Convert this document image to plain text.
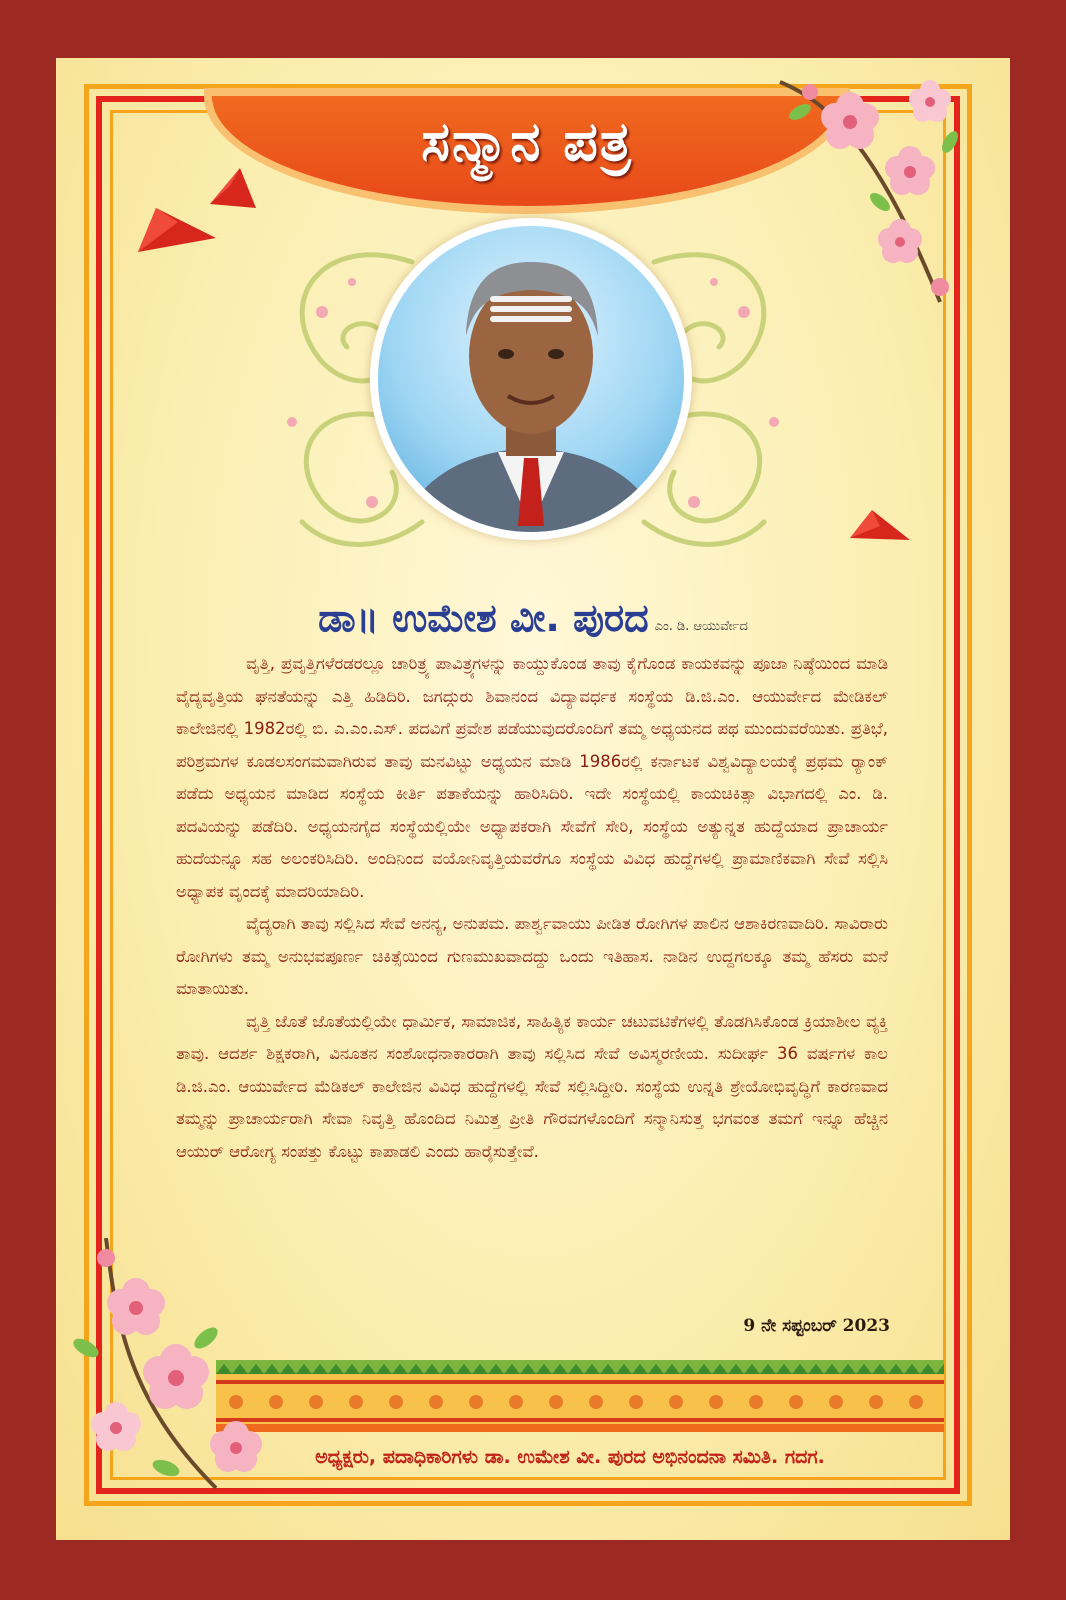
ಸನ್ಮಾನ ಪತ್ರ
ಡಾ॥ ಉಮೇಶ ವೀ. ಪುರದ ಎಂ. ಡಿ. ಆಯುರ್ವೇದ

ವೃತ್ತಿ, ಪ್ರವೃತ್ತಿಗಳೆರಡರಲ್ಲೂ ಚಾರಿತ್ರ್ಯ ಪಾವಿತ್ರ್ಯಗಳನ್ನು ಕಾಯ್ದುಕೊಂಡ ತಾವು ಕೈಗೊಂಡ ಕಾಯಕವನ್ನು ಪೂಜಾ ನಿಷ್ಠೆಯಿಂದ ಮಾಡಿ ವೈದ್ಯವೃತ್ತಿಯ ಘನತೆಯನ್ನು ಎತ್ತಿ ಹಿಡಿದಿರಿ. ಜಗದ್ಗುರು ಶಿವಾನಂದ ವಿದ್ಯಾವರ್ಧಕ ಸಂಸ್ಥೆಯ ಡಿ.ಜಿ.ಎಂ. ಆಯುರ್ವೇದ ಮೇಡಿಕಲ್ ಕಾಲೇಜಿನಲ್ಲಿ 1982ರಲ್ಲಿ ಬಿ. ಎ.ಎಂ.ಎಸ್. ಪದವಿಗೆ ಪ್ರವೇಶ ಪಡೆಯುವುದರೊಂದಿಗೆ ತಮ್ಮ ಅಧ್ಯಯನದ ಪಥ ಮುಂದುವರೆಯಿತು. ಪ್ರತಿಭೆ, ಪರಿಶ್ರಮಗಳ ಕೂಡಲಸಂಗಮವಾಗಿರುವ ತಾವು ಮನವಿಟ್ಟು ಅಧ್ಯಯನ ಮಾಡಿ 1986ರಲ್ಲಿ ಕರ್ನಾಟಕ ವಿಶ್ವವಿದ್ಯಾಲಯಕ್ಕೆ ಪ್ರಥಮ ರ್‍ಯಾಂಕ್ ಪಡೆದು ಅಧ್ಯಯನ ಮಾಡಿದ ಸಂಸ್ಥೆಯ ಕೀರ್ತಿ ಪತಾಕೆಯನ್ನು ಹಾರಿಸಿದಿರಿ. ಇದೇ ಸಂಸ್ಥೆಯಲ್ಲಿ ಕಾಯಚಿಕಿತ್ಸಾ ವಿಭಾಗದಲ್ಲಿ ಎಂ. ಡಿ. ಪದವಿಯನ್ನು ಪಡೆದಿರಿ. ಅಧ್ಯಯನಗೈದ ಸಂಸ್ಥೆಯಲ್ಲಿಯೇ ಅಧ್ಯಾಪಕರಾಗಿ ಸೇವೆಗೆ ಸೇರಿ, ಸಂಸ್ಥೆಯ ಅತ್ಯುನ್ನತ ಹುದ್ದೆಯಾದ ಪ್ರಾಚಾರ್ಯ ಹುದೆಯನ್ನೂ ಸಹ ಅಲಂಕರಿಸಿದಿರಿ. ಅಂದಿನಿಂದ ವಯೋನಿವೃತ್ತಿಯವರೆಗೂ ಸಂಸ್ಥೆಯ ವಿವಿಧ ಹುದ್ದೆಗಳಲ್ಲಿ ಪ್ರಾಮಾಣಿಕವಾಗಿ ಸೇವೆ ಸಲ್ಲಿಸಿ ಅಧ್ಯಾಪಕ ವೃಂದಕ್ಕೆ ಮಾದರಿಯಾದಿರಿ.

ವೈದ್ಯರಾಗಿ ತಾವು ಸಲ್ಲಿಸಿದ ಸೇವೆ ಅನನ್ಯ, ಅನುಪಮ. ಪಾರ್ಶ್ವವಾಯು ಪೀಡಿತ ರೋಗಿಗಳ ಪಾಲಿನ ಆಶಾಕಿರಣವಾದಿರಿ. ಸಾವಿರಾರು ರೋಗಿಗಳು ತಮ್ಮ ಅನುಭವಪೂರ್ಣ ಚಿಕಿತ್ಸೆಯಿಂದ ಗುಣಮುಖವಾದದ್ದು ಒಂದು ಇತಿಹಾಸ. ನಾಡಿನ ಉದ್ದಗಲಕ್ಕೂ ತಮ್ಮ ಹೆಸರು ಮನೆ ಮಾತಾಯಿತು.

ವೃತ್ತಿ ಜೊತೆ ಜೊತೆಯಲ್ಲಿಯೇ ಧಾರ್ಮಿಕ, ಸಾಮಾಜಿಕ, ಸಾಹಿತ್ಯಿಕ ಕಾರ್ಯ ಚಟುವಟಿಕೆಗಳಲ್ಲಿ ತೊಡಗಿಸಿಕೊಂಡ ಕ್ರಿಯಾಶೀಲ ವ್ಯಕ್ತಿ ತಾವು. ಆದರ್ಶ ಶಿಕ್ಷಕರಾಗಿ, ವಿನೂತನ ಸಂಶೋಧನಾಕಾರರಾಗಿ ತಾವು ಸಲ್ಲಿಸಿದ ಸೇವೆ ಅವಿಸ್ಮರಣೀಯ. ಸುದೀರ್ಘ 36 ವರ್ಷಗಳ ಕಾಲ ಡಿ.ಜಿ.ಎಂ. ಆಯುರ್ವೇದ ಮೆಡಿಕಲ್ ಕಾಲೇಜಿನ ವಿವಿಧ ಹುದ್ದೆಗಳಲ್ಲಿ ಸೇವೆ ಸಲ್ಲಿಸಿದ್ದೀರಿ. ಸಂಸ್ಥೆಯ ಉನ್ನತಿ ಶ್ರೇಯೋಭಿವೃದ್ಧಿಗೆ ಕಾರಣವಾದ ತಮ್ಮನ್ನು ಪ್ರಾಚಾರ್ಯರಾಗಿ ಸೇವಾ ನಿವೃತ್ತಿ ಹೊಂದಿದ ನಿಮಿತ್ತ ಪ್ರೀತಿ ಗೌರವಗಳೊಂದಿಗೆ ಸನ್ಮಾನಿಸುತ್ತ ಭಗವಂತ ತಮಗೆ ಇನ್ನೂ ಹೆಚ್ಚಿನ ಆಯುರ್ ಆರೋಗ್ಯ ಸಂಪತ್ತು ಕೊಟ್ಟು ಕಾಪಾಡಲಿ ಎಂದು ಹಾರೈಸುತ್ತೇವೆ.

9 ನೇ ಸಪ್ಟಂಬರ್ 2023
ಅಧ್ಯಕ್ಷರು, ಪದಾಧಿಕಾರಿಗಳು ಡಾ. ಉಮೇಶ ವೀ. ಪುರದ ಅಭಿನಂದನಾ ಸಮಿತಿ. ಗದಗ.
